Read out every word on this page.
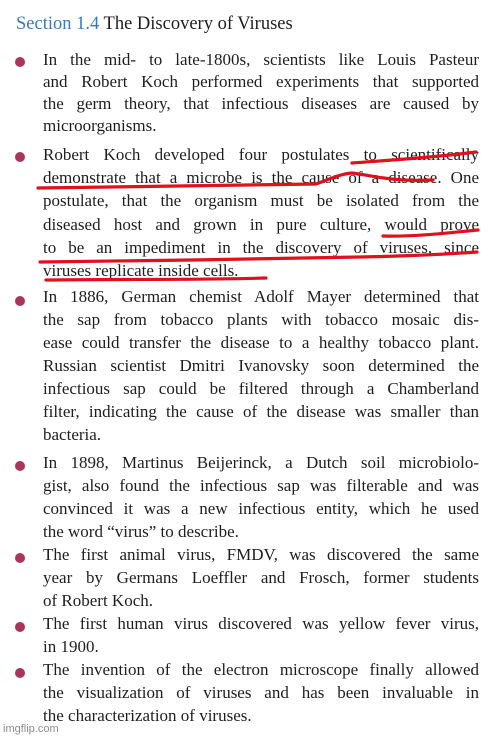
Section 1.4 The Discovery of Viruses
In the mid- to late-1800s, scientists like Louis Pasteur
and Robert Koch performed experiments that supported
the germ theory, that infectious diseases are caused by
microorganisms.
Robert Koch developed four postulates to scientifically
demonstrate that a microbe is the cause of a disease. One
postulate, that the organism must be isolated from the
diseased host and grown in pure culture, would prove
to be an impediment in the discovery of viruses, since
viruses replicate inside cells.
In 1886, German chemist Adolf Mayer determined that
the sap from tobacco plants with tobacco mosaic dis-
ease could transfer the disease to a healthy tobacco plant.
Russian scientist Dmitri Ivanovsky soon determined the
infectious sap could be filtered through a Chamberland
filter, indicating the cause of the disease was smaller than
bacteria.
In 1898, Martinus Beijerinck, a Dutch soil microbiolo-
gist, also found the infectious sap was filterable and was
convinced it was a new infectious entity, which he used
the word “virus” to describe.
The first animal virus, FMDV, was discovered the same
year by Germans Loeffler and Frosch, former students
of Robert Koch.
The first human virus discovered was yellow fever virus,
in 1900.
The invention of the electron microscope finally allowed
the visualization of viruses and has been invaluable in
the characterization of viruses.
imgflip.com
